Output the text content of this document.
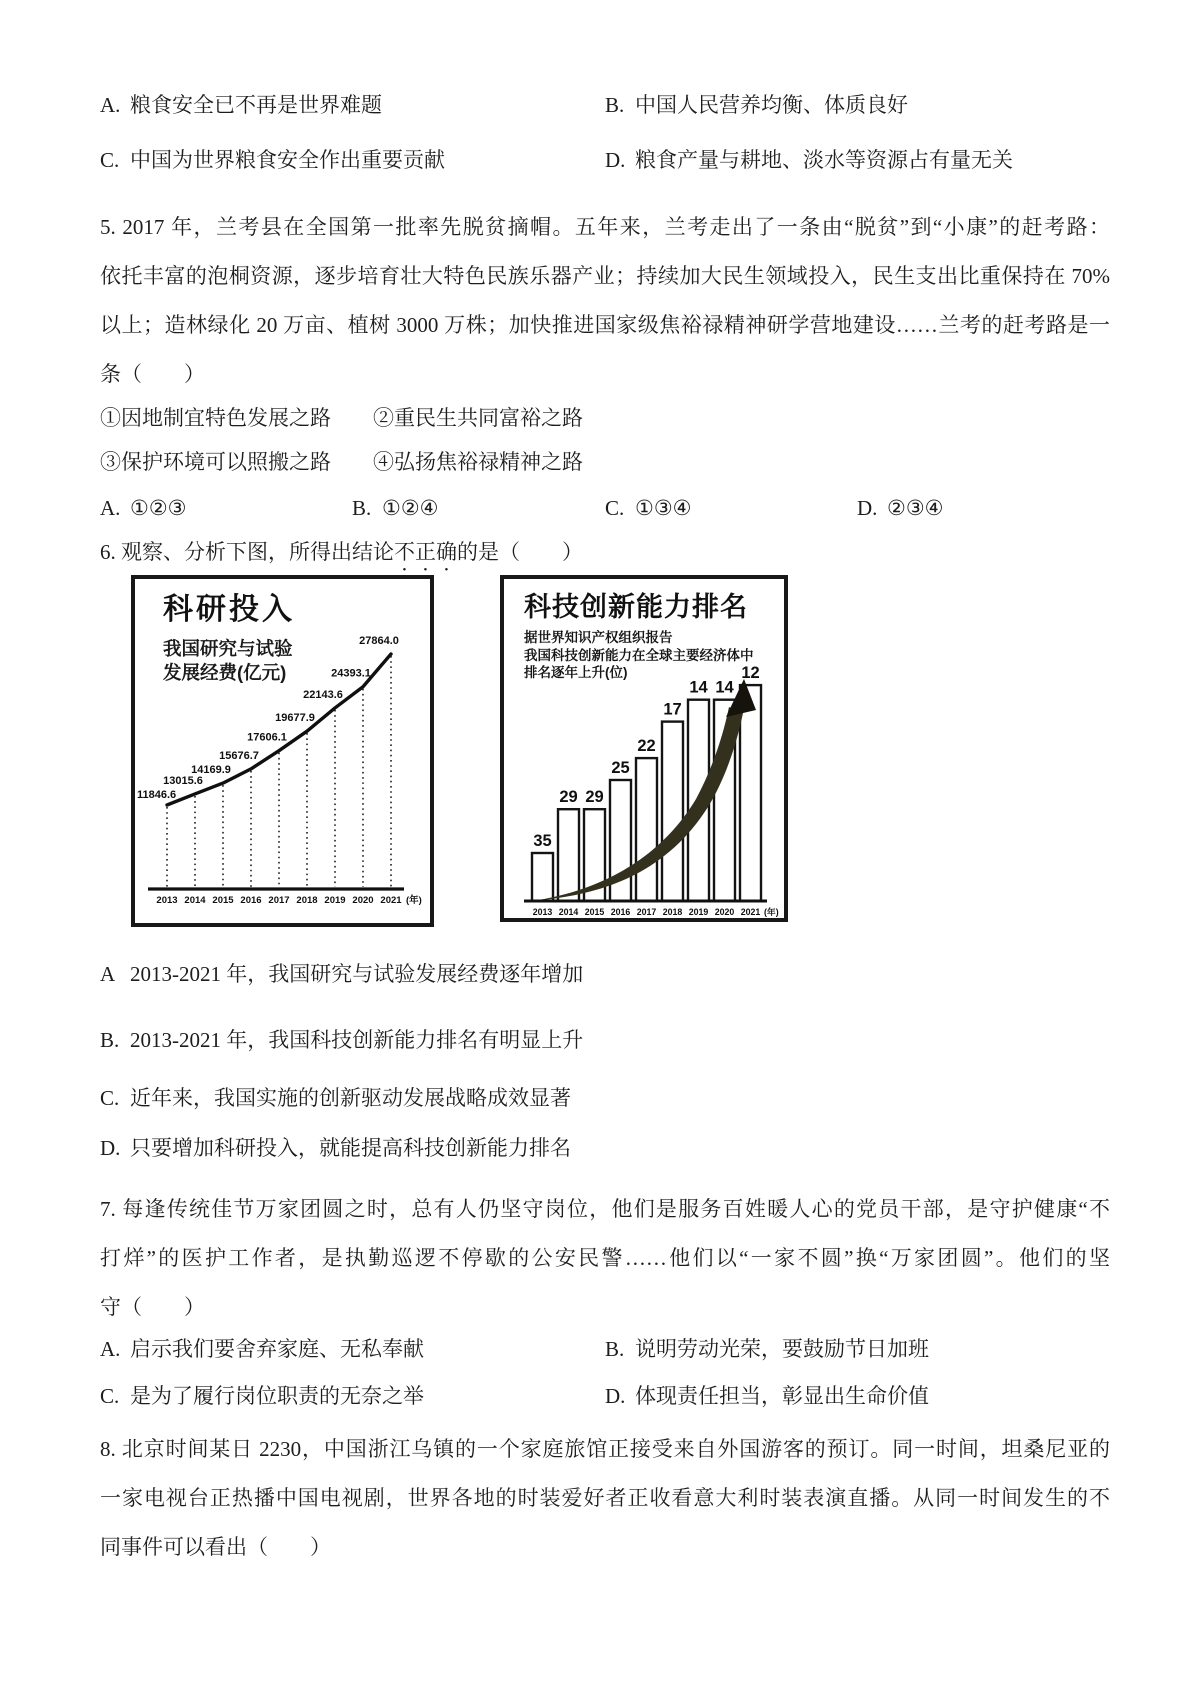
A. 粮食安全已不再是世界难题	B. 中国人民营养均衡、体质良好
C. 中国为世界粮食安全作出重要贡献	D. 粮食产量与耕地、淡水等资源占有量无关
5. 2017 年，兰考县在全国第一批率先脱贫摘帽。五年来，兰考走出了一条由“脱贫”到“小康”的赶考路：
依托丰富的泡桐资源，逐步培育壮大特色民族乐器产业；持续加大民生领域投入，民生支出比重保持在 70%
以上；造林绿化 20 万亩、植树 3000 万株；加快推进国家级焦裕禄精神研学营地建设……兰考的赶考路是一
条（　　）
①因地制宜特色发展之路　　②重民生共同富裕之路
③保护环境可以照搬之路　　④弘扬焦裕禄精神之路
A. ①②③	B. ①②④	C. ①③④	D. ②③④
6. 观察、分析下图，所得出结论不正确的是（　　）
科研投入
我国研究与试验
发展经费(亿元)
11846.6
13015.6
14169.9
15676.7
17606.1
19677.9
22143.6
24393.1
27864.0
2013 2014 2015 2016 2017 2018 2019 2020 2021 (年)
科技创新能力排名
据世界知识产权组织报告
我国科技创新能力在全球主要经济体中
排名逐年上升(位)
35
29 29
25
22
17
14 14
12
2013 2014 2015 2016 2017 2018 2019 2020 2021 (年)
A 2013-2021 年，我国研究与试验发展经费逐年增加
B. 2013-2021 年，我国科技创新能力排名有明显上升
C. 近年来，我国实施的创新驱动发展战略成效显著
D. 只要增加科研投入，就能提高科技创新能力排名
7. 每逢传统佳节万家团圆之时，总有人仍坚守岗位，他们是服务百姓暖人心的党员干部，是守护健康“不
打烊”的医护工作者，是执勤巡逻不停歇的公安民警……他们以“一家不圆”换“万家团圆”。他们的坚
守（　　）
A. 启示我们要舍弃家庭、无私奉献	B. 说明劳动光荣，要鼓励节日加班
C. 是为了履行岗位职责的无奈之举	D. 体现责任担当，彰显出生命价值
8. 北京时间某日 2230，中国浙江乌镇的一个家庭旅馆正接受来自外国游客的预订。同一时间，坦桑尼亚的
一家电视台正热播中国电视剧，世界各地的时装爱好者正收看意大利时装表演直播。从同一时间发生的不
同事件可以看出（　　）
